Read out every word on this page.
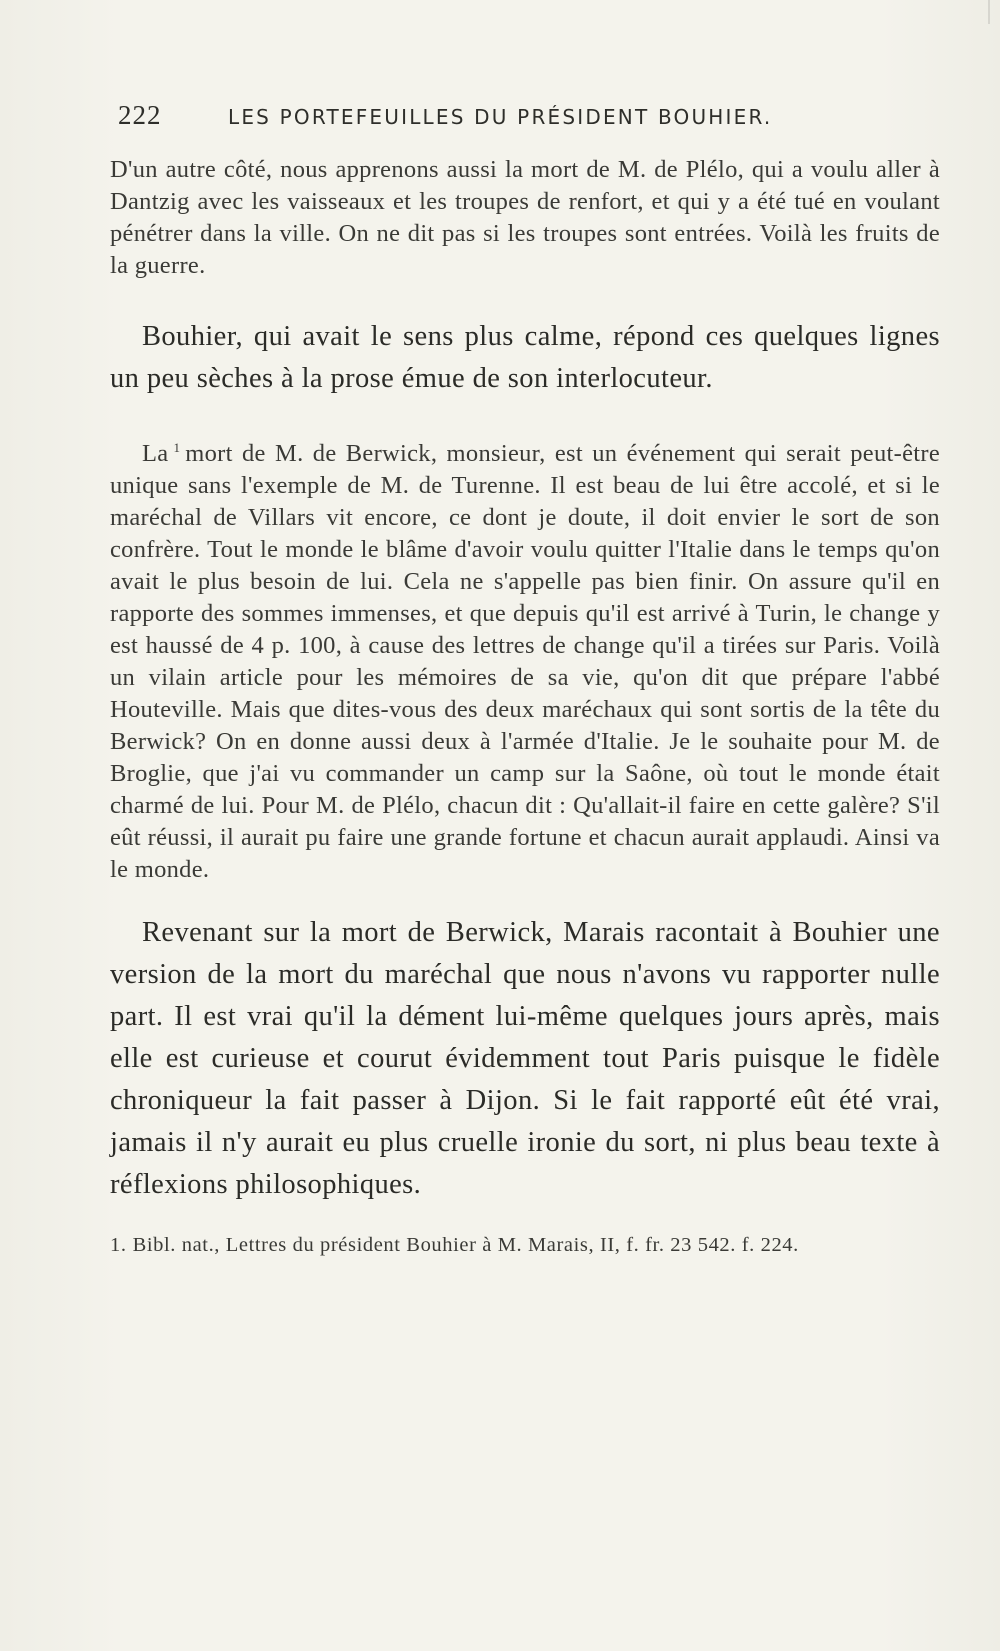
222	LES PORTEFEUILLES DU PRÉSIDENT BOUHIER.

D'un autre côté, nous apprenons aussi la mort de M. de Plélo, qui a voulu aller à Dantzig avec les vaisseaux et les troupes de renfort, et qui y a été tué en voulant pénétrer dans la ville. On ne dit pas si les troupes sont entrées. Voilà les fruits de la guerre.

Bouhier, qui avait le sens plus calme, répond ces quelques lignes un peu sèches à la prose émue de son interlocuteur.

La $^1$ mort de M. de Berwick, monsieur, est un événement qui serait peut-être unique sans l'exemple de M. de Turenne. Il est beau de lui être accolé, et si le maréchal de Villars vit encore, ce dont je doute, il doit envier le sort de son confrère. Tout le monde le blâme d'avoir voulu quitter l'Italie dans le temps qu'on avait le plus besoin de lui. Cela ne s'appelle pas bien finir. On assure qu'il en rapporte des sommes immenses, et que depuis qu'il est arrivé à Turin, le change y est haussé de 4 p. 100, à cause des lettres de change qu'il a tirées sur Paris. Voilà un vilain article pour les mémoires de sa vie, qu'on dit que prépare l'abbé Houteville. Mais que dites-vous des deux maréchaux qui sont sortis de la tête du Berwick? On en donne aussi deux à l'armée d'Italie. Je le souhaite pour M. de Broglie, que j'ai vu commander un camp sur la Saône, où tout le monde était charmé de lui. Pour M. de Plélo, chacun dit : Qu'allait-il faire en cette galère? S'il eût réussi, il aurait pu faire une grande fortune et chacun aurait applaudi. Ainsi va le monde.

Revenant sur la mort de Berwick, Marais racontait à Bouhier une version de la mort du maréchal que nous n'avons vu rapporter nulle part. Il est vrai qu'il la dément lui-même quelques jours après, mais elle est curieuse et courut évidemment tout Paris puisque le fidèle chroniqueur la fait passer à Dijon. Si le fait rapporté eût été vrai, jamais il n'y aurait eu plus cruelle ironie du sort, ni plus beau texte à réflexions philosophiques.

1. Bibl. nat., Lettres du président Bouhier à M. Marais, II, f. fr. 23 542. f. 224.
